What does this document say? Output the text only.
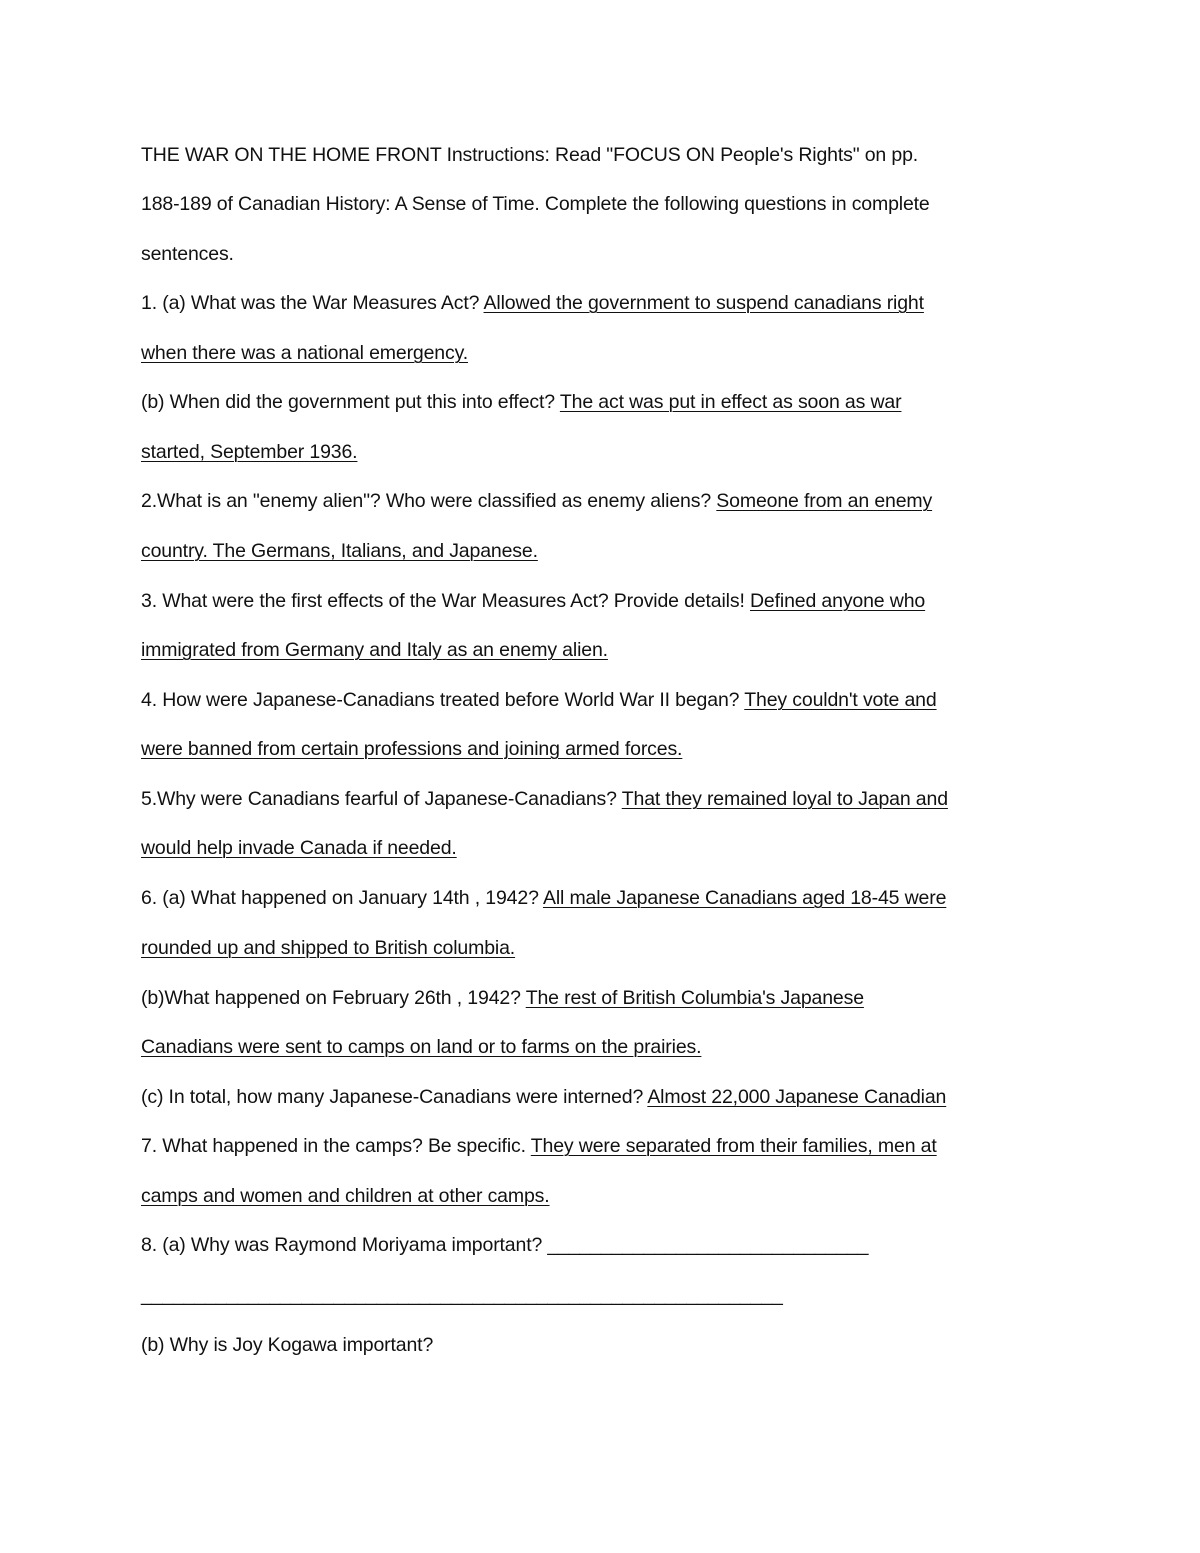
THE WAR ON THE HOME FRONT Instructions: Read "FOCUS ON People's Rights" on pp.
188-189 of Canadian History: A Sense of Time. Complete the following questions in complete
sentences.
1. (a) What was the War Measures Act? Allowed the government to suspend canadians right
when there was a national emergency.
(b) When did the government put this into effect? The act was put in effect as soon as war
started, September 1936.
2.What is an "enemy alien"? Who were classified as enemy aliens? Someone from an enemy
country. The Germans, Italians, and Japanese.
3. What were the first effects of the War Measures Act? Provide details! Defined anyone who
immigrated from Germany and Italy as an enemy alien.
4. How were Japanese-Canadians treated before World War II began? They couldn't vote and
were banned from certain professions and joining armed forces.
5.Why were Canadians fearful of Japanese-Canadians? That they remained loyal to Japan and
would help invade Canada if needed.
6. (a) What happened on January 14th , 1942? All male Japanese Canadians aged 18-45 were
rounded up and shipped to British columbia.
(b)What happened on February 26th , 1942? The rest of British Columbia's Japanese
Canadians were sent to camps on land or to farms on the prairies.
(c) In total, how many Japanese-Canadians were interned? Almost 22,000 Japanese Canadian
7. What happened in the camps? Be specific. They were separated from their families, men at
camps and women and children at other camps.
8. (a) Why was Raymond Moriyama important? ______________________________
____________________________________________________________
(b) Why is Joy Kogawa important?
